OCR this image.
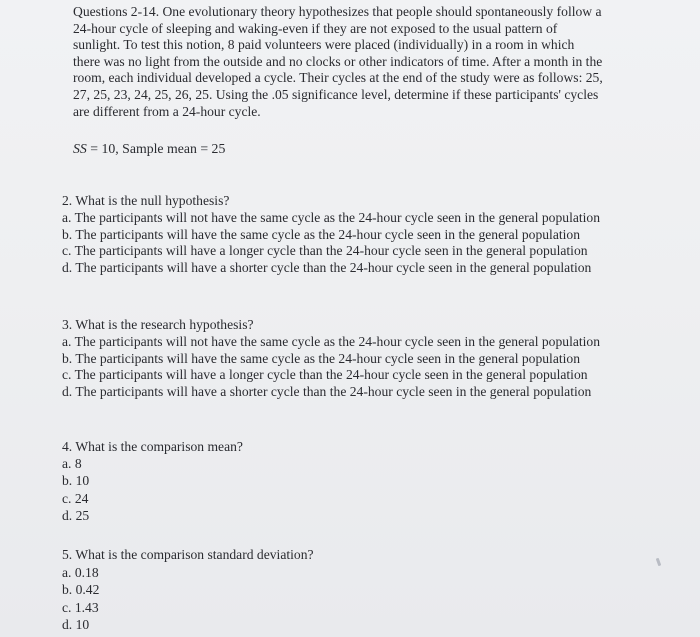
Questions 2-14. One evolutionary theory hypothesizes that people should spontaneously follow a
24-hour cycle of sleeping and waking-even if they are not exposed to the usual pattern of
sunlight. To test this notion, 8 paid volunteers were placed (individually) in a room in which
there was no light from the outside and no clocks or other indicators of time. After a month in the
room, each individual developed a cycle. Their cycles at the end of the study were as follows: 25,
27, 25, 23, 24, 25, 26, 25. Using the .05 significance level, determine if these participants' cycles
are different from a 24-hour cycle.

SS = 10, Sample mean = 25

2. What is the null hypothesis?
a. The participants will not have the same cycle as the 24-hour cycle seen in the general population
b. The participants will have the same cycle as the 24-hour cycle seen in the general population
c. The participants will have a longer cycle than the 24-hour cycle seen in the general population
d. The participants will have a shorter cycle than the 24-hour cycle seen in the general population
3. What is the research hypothesis?
a. The participants will not have the same cycle as the 24-hour cycle seen in the general population
b. The participants will have the same cycle as the 24-hour cycle seen in the general population
c. The participants will have a longer cycle than the 24-hour cycle seen in the general population
d. The participants will have a shorter cycle than the 24-hour cycle seen in the general population
4. What is the comparison mean?
a. 8
b. 10
c. 24
d. 25
5. What is the comparison standard deviation?
a. 0.18
b. 0.42
c. 1.43
d. 10
